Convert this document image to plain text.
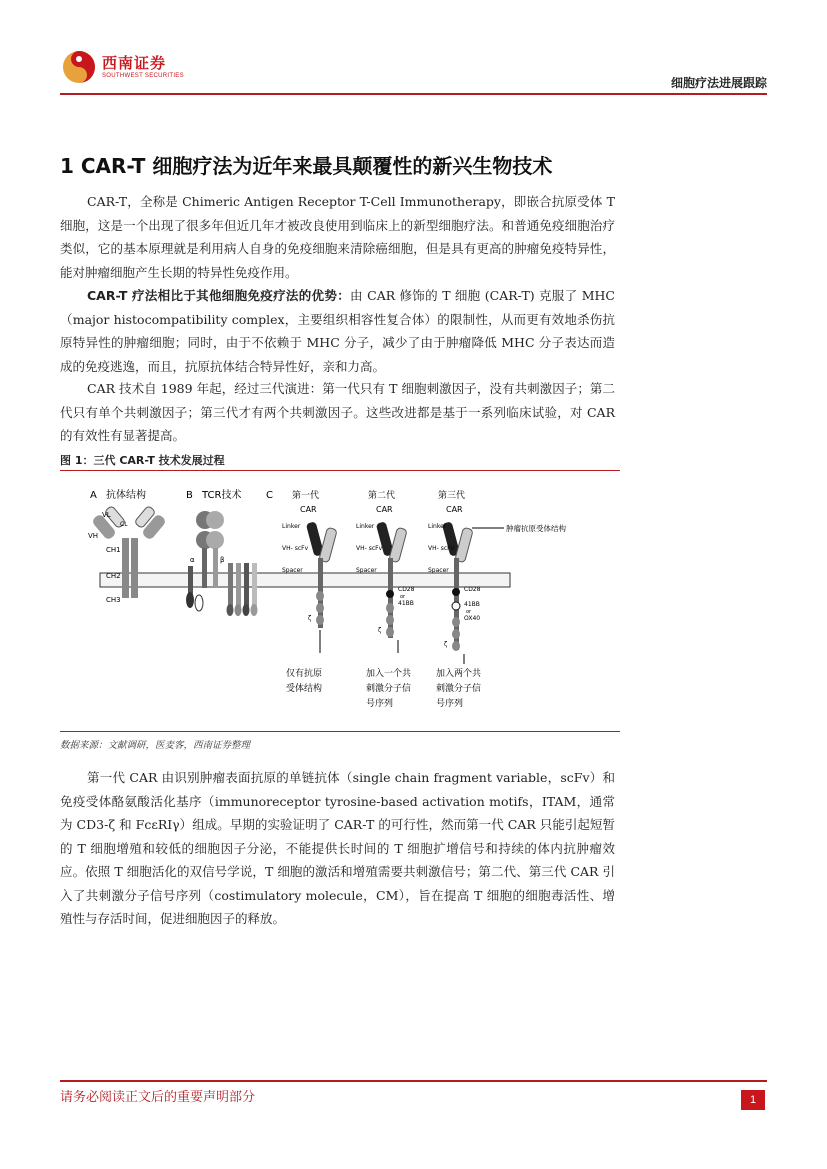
西南证券
SOUTHWEST SECURITIES	细胞疗法进展跟踪
1 CAR-T 细胞疗法为近年来最具颠覆性的新兴生物技术

CAR-T，全称是 Chimeric Antigen Receptor T-Cell Immunotherapy，即嵌合抗原受体 T 细胞，这是一个出现了很多年但近几年才被改良使用到临床上的新型细胞疗法。和普通免疫细胞治疗类似，它的基本原理就是利用病人自身的免疫细胞来清除癌细胞，但是具有更高的肿瘤免疫特异性，能对肿瘤细胞产生长期的特异性免疫作用。

CAR-T 疗法相比于其他细胞免疫疗法的优势：由 CAR 修饰的 T 细胞 (CAR-T) 克服了 MHC（major histocompatibility complex，主要组织相容性复合体）的限制性，从而更有效地杀伤抗原特异性的肿瘤细胞；同时，由于不依赖于 MHC 分子，减少了由于肿瘤降低 MHC 分子表达而造成的免疫逃逸，而且，抗原抗体结合特异性好，亲和力高。

CAR 技术自 1989 年起，经过三代演进：第一代只有 T 细胞刺激因子，没有共刺激因子；第二代只有单个共刺激因子；第三代才有两个共刺激因子。这些改进都是基于一系列临床试验，对 CAR 的有效性有显著提高。

图 1：三代 CAR-T 技术发展过程
A 抗体结构
VL
VH
CH1
CH2
CH3
CL
B TCR技术
α	β
C 第一代	第二代	第三代
CAR	CAR	CAR
Linker
VH- scFv
Spacer
ζ
Linker
VH- scFv
Spacer
CD28
or
41BB
ζ
Linker
VH- scFv
Spacer
CD28
41BB
or
OX40
ζ
肿瘤抗原受体结构
仅有抗原
受体结构
加入一个共
刺激分子信
号序列
加入两个共
刺激分子信
号序列
数据来源：文献调研，医麦客，西南证券整理

第一代 CAR 由识别肿瘤表面抗原的单链抗体（single chain fragment variable，scFv）和免疫受体酪氨酸活化基序（immunoreceptor tyrosine-based activation motifs，ITAM，通常为 CD3-ζ 和 FcεRIγ）组成。早期的实验证明了 CAR-T 的可行性，然而第一代 CAR 只能引起短暂的 T 细胞增殖和较低的细胞因子分泌，不能提供长时间的 T 细胞扩增信号和持续的体内抗肿瘤效应。依照 T 细胞活化的双信号学说，T 细胞的激活和增殖需要共刺激信号；第二代、第三代 CAR 引入了共刺激分子信号序列（costimulatory molecule，CM），旨在提高 T 细胞的细胞毒活性、增殖性与存活时间，促进细胞因子的释放。

请务必阅读正文后的重要声明部分	1
